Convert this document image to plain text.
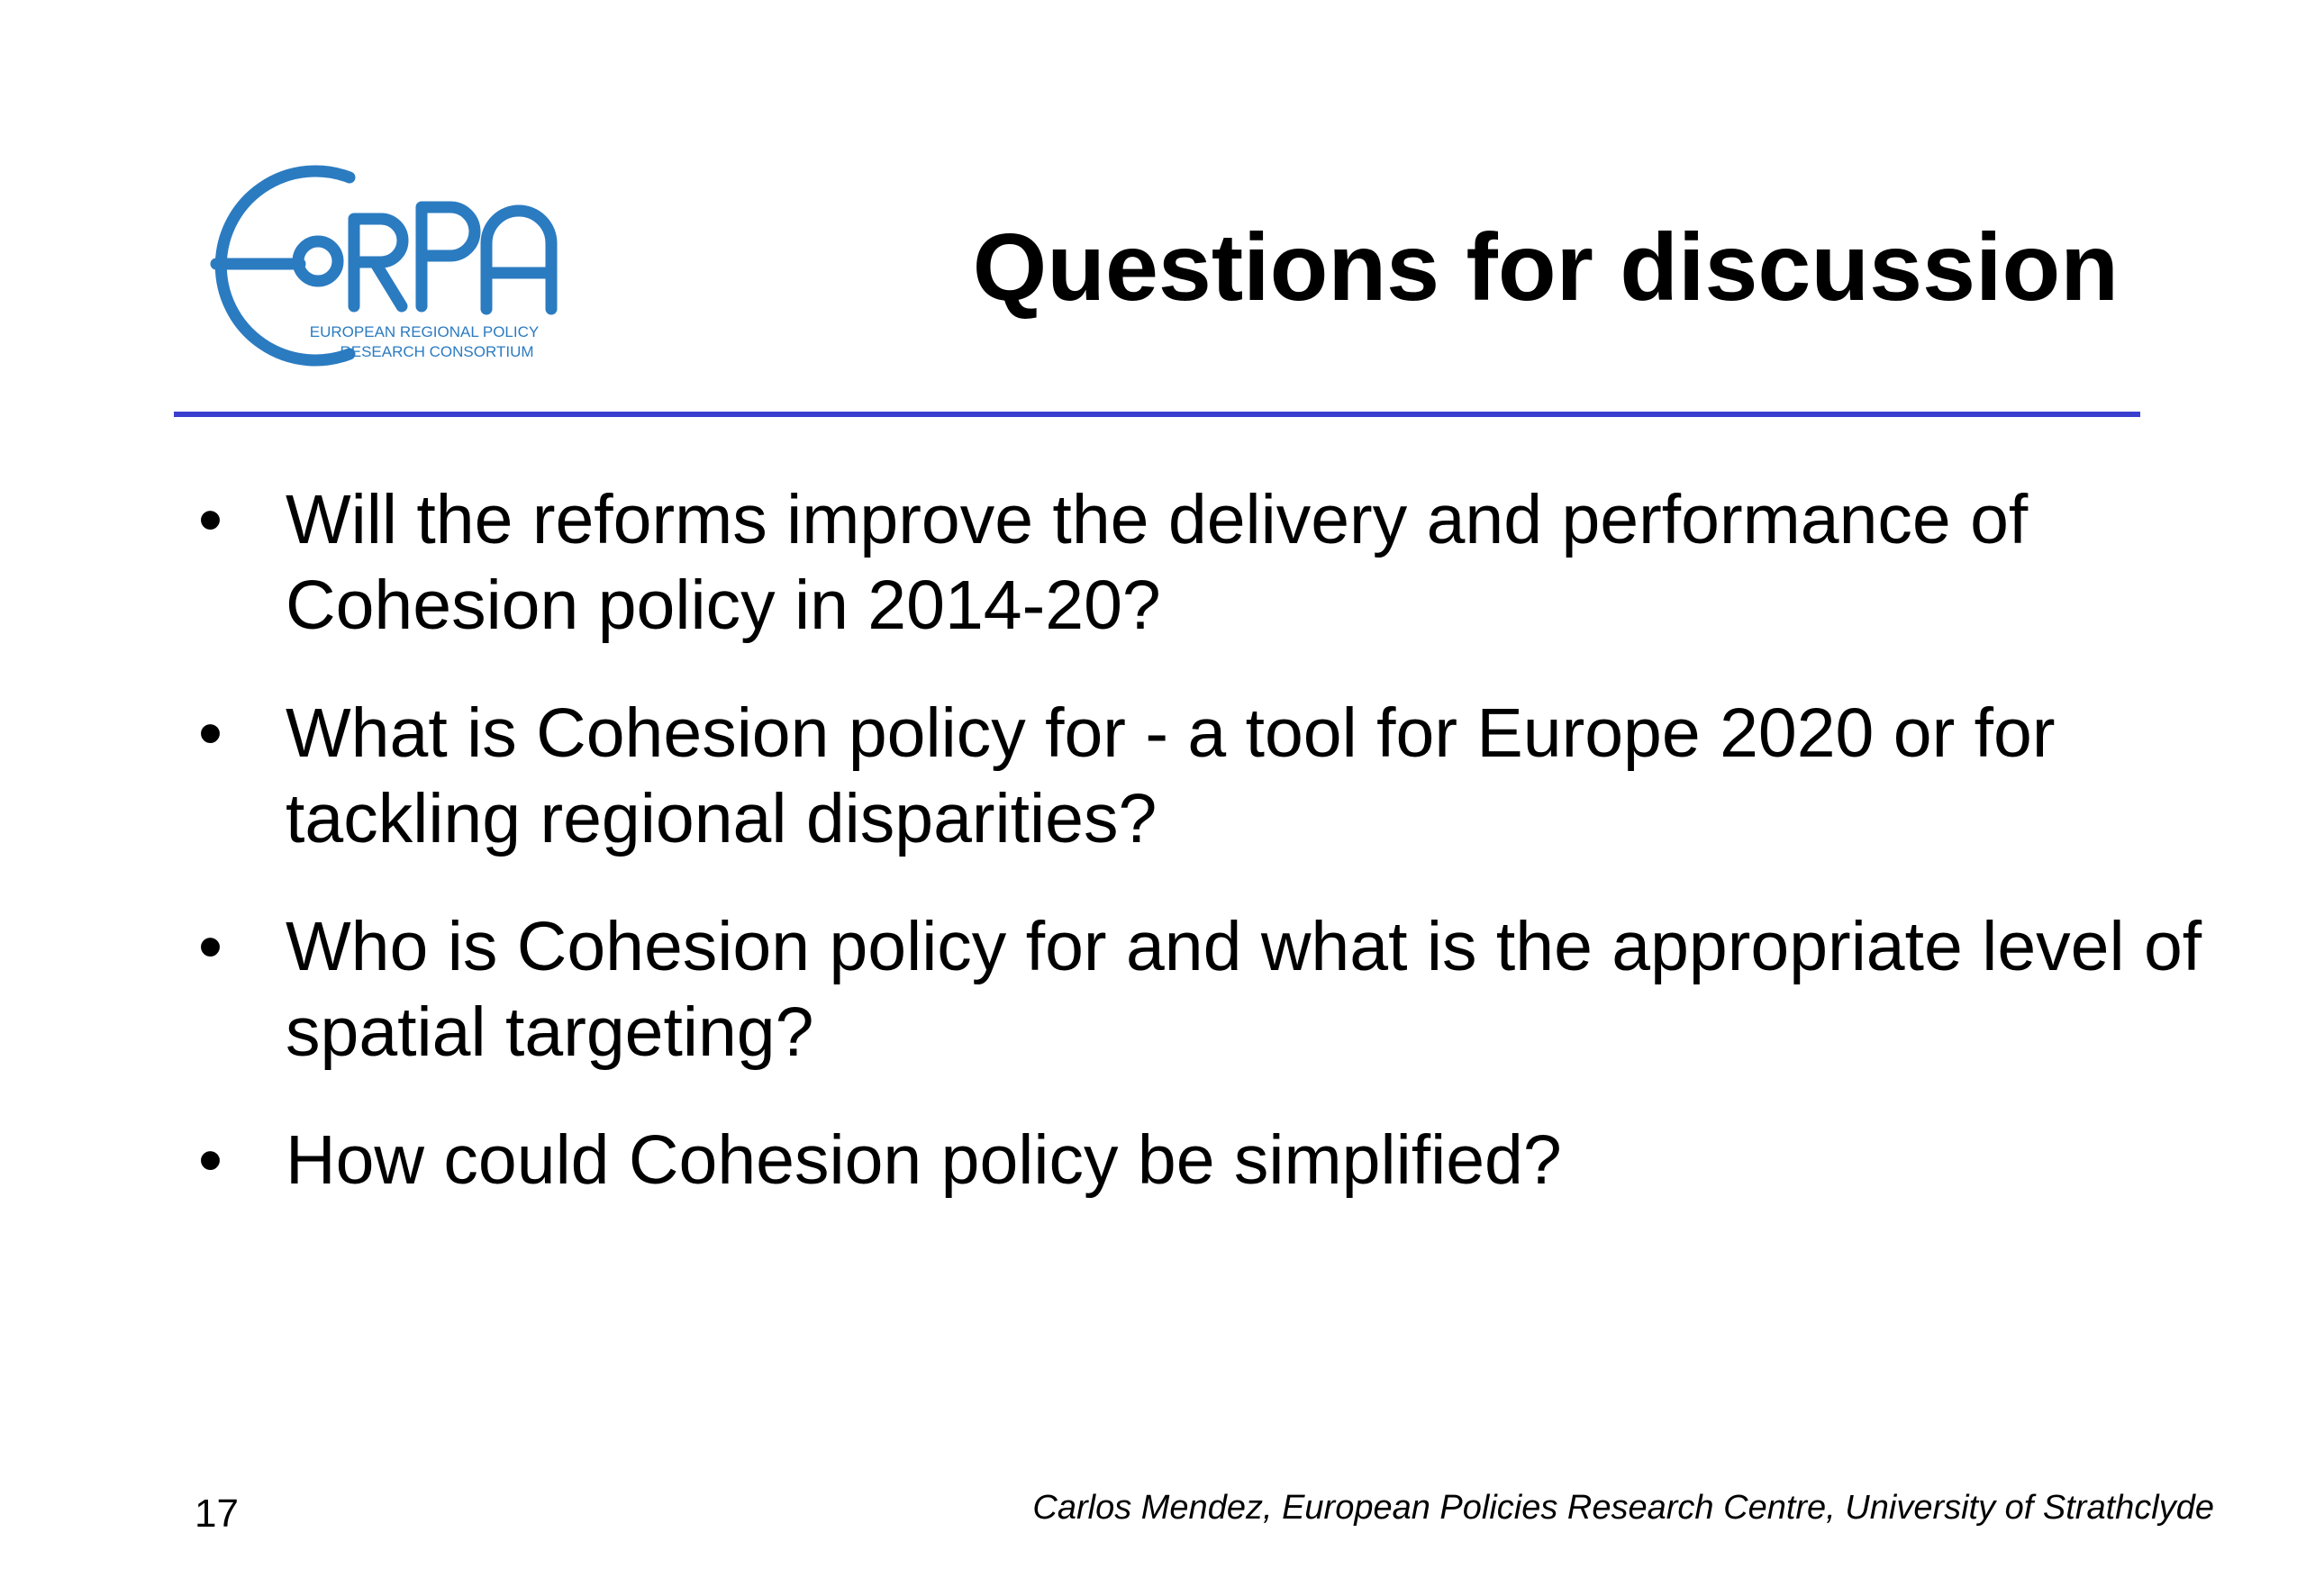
EUROPEAN REGIONAL POLICY
RESEARCH CONSORTIUM
Questions for discussion
• Will the reforms improve the delivery and performance of Cohesion policy in 2014-20?
• What is Cohesion policy for - a tool for Europe 2020 or for tackling regional disparities?
• Who is Cohesion policy for and what is the appropriate level of spatial targeting?
• How could Cohesion policy be simplified?
17	Carlos Mendez, European Policies Research Centre, University of Strathclyde
